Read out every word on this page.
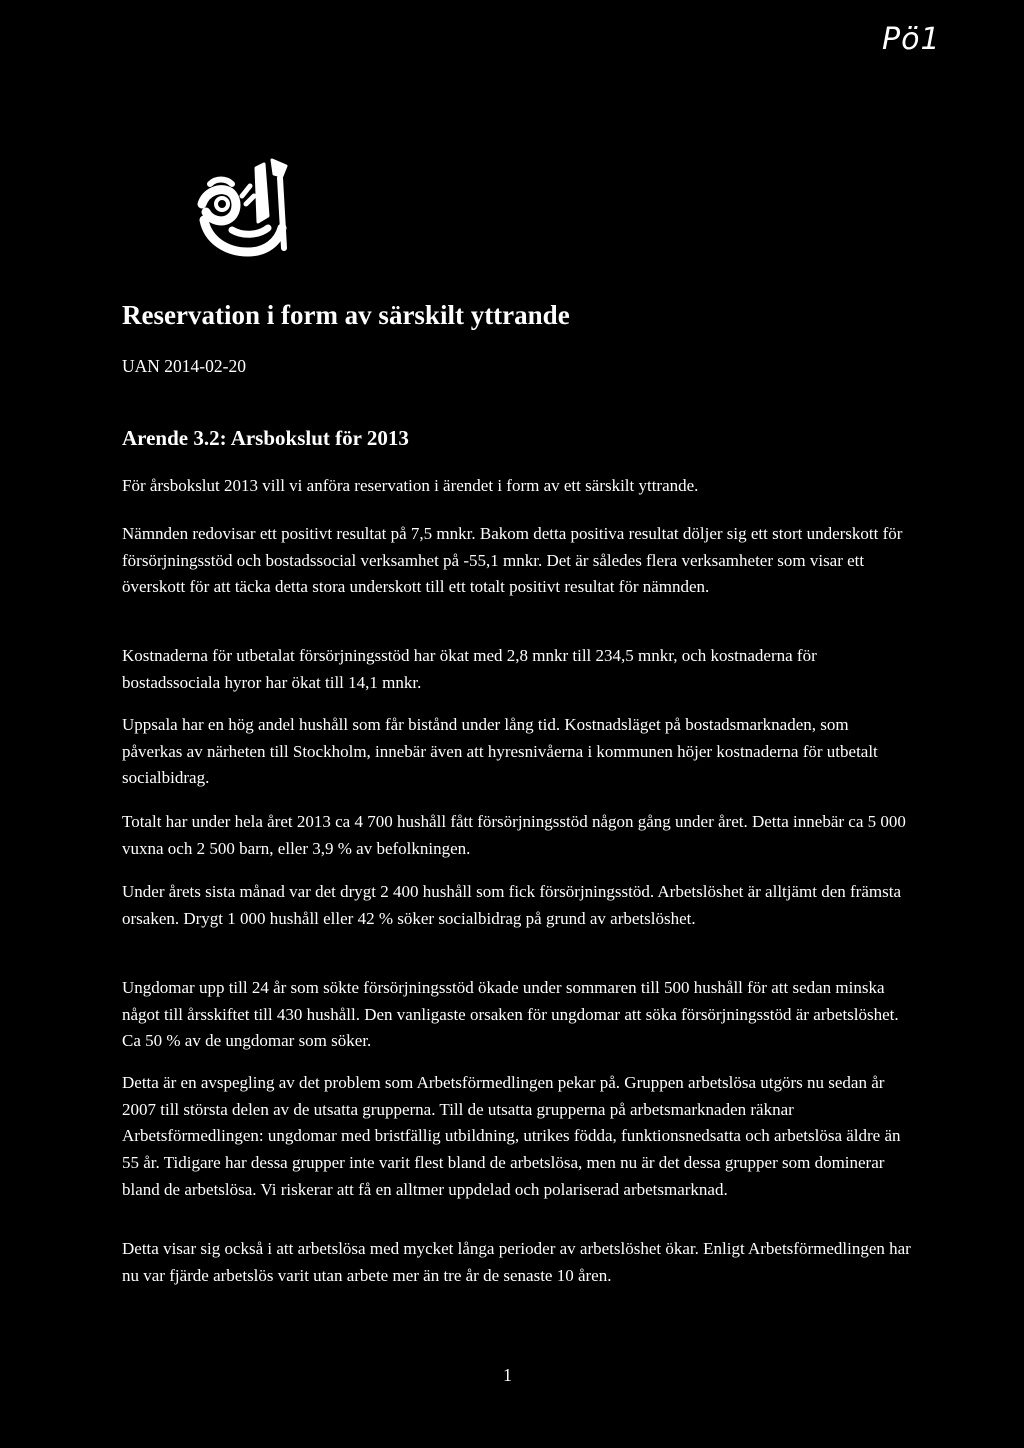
Pö1
Reservation i form av särskilt yttrande

UAN 2014-02-20

Arende 3.2: Arsbokslut för 2013

För årsbokslut 2013 vill vi anföra reservation i ärendet i form av ett särskilt yttrande.

Nämnden redovisar ett positivt resultat på 7,5 mnkr. Bakom detta positiva resultat döljer sig ett stort underskott för försörjningsstöd och bostadssocial verksamhet på -55,1 mnkr. Det är således flera verksamheter som visar ett överskott för att täcka detta stora underskott till ett totalt positivt resultat för nämnden.

Kostnaderna för utbetalat försörjningsstöd har ökat med 2,8 mnkr till 234,5 mnkr, och kostnaderna för bostadssociala hyror har ökat till 14,1 mnkr.

Uppsala har en hög andel hushåll som får bistånd under lång tid. Kostnadsläget på bostadsmarknaden, som påverkas av närheten till Stockholm, innebär även att hyresnivåerna i kommunen höjer kostnaderna för utbetalt socialbidrag.

Totalt har under hela året 2013 ca 4 700 hushåll fått försörjningsstöd någon gång under året. Detta innebär ca 5 000 vuxna och 2 500 barn, eller 3,9 % av befolkningen.

Under årets sista månad var det drygt 2 400 hushåll som fick försörjningsstöd. Arbetslöshet är alltjämt den främsta orsaken. Drygt 1 000 hushåll eller 42 % söker socialbidrag på grund av arbetslöshet.

Ungdomar upp till 24 år som sökte försörjningsstöd ökade under sommaren till 500 hushåll för att sedan minska något till årsskiftet till 430 hushåll. Den vanligaste orsaken för ungdomar att söka försörjningsstöd är arbetslöshet. Ca 50 % av de ungdomar som söker.

Detta är en avspegling av det problem som Arbetsförmedlingen pekar på. Gruppen arbetslösa utgörs nu sedan år 2007 till största delen av de utsatta grupperna. Till de utsatta grupperna på arbetsmarknaden räknar Arbetsförmedlingen: ungdomar med bristfällig utbildning, utrikes födda, funktionsnedsatta och arbetslösa äldre än 55 år. Tidigare har dessa grupper inte varit flest bland de arbetslösa, men nu är det dessa grupper som dominerar bland de arbetslösa. Vi riskerar att få en alltmer uppdelad och polariserad arbetsmarknad.

Detta visar sig också i att arbetslösa med mycket långa perioder av arbetslöshet ökar. Enligt Arbetsförmedlingen har nu var fjärde arbetslös varit utan arbete mer än tre år de senaste 10 åren.

1
